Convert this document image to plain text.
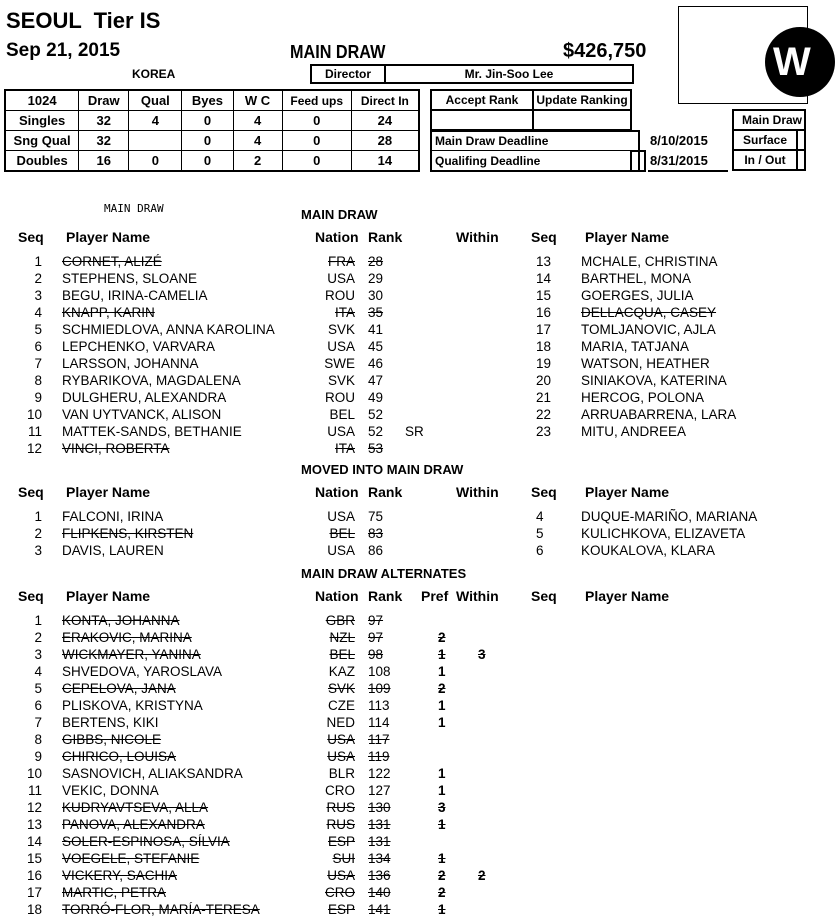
SEOUL  Tier IS
Sep 21, 2015
KOREA
MAIN DRAW	$426,750
Director	Mr. Jin-Soo Lee	W
1024	Draw	Qual	Byes	W C	Feed ups	Direct In
Singles	32	4	0	4	0	24
Sng Qual	32		0	4	0	28
Doubles	16	0	0	2	0	14
Accept Rank Update Ranking
Main Draw Deadline
Qualifing Deadline
8/10/2015
8/31/2015
Main Draw
Surface
In / Out
MAIN DRAW	MAIN DRAW
Seq Player Name	Nation Rank	Within Seq Player Name
1 CORNET, ALIZÉ	FRA 28
2 STEPHENS, SLOANE	USA 29
3 BEGU, IRINA-CAMELIA	ROU 30
4 KNAPP, KARIN	ITA 35
5 SCHMIEDLOVA, ANNA KAROLINA	SVK 41
6 LEPCHENKO, VARVARA	USA 45
7 LARSSON, JOHANNA	SWE 46
8 RYBARIKOVA, MAGDALENA	SVK 47
9 DULGHERU, ALEXANDRA	ROU 49
10 VAN UYTVANCK, ALISON	BEL 52
11 MATTEK-SANDS, BETHANIE	USA 52 SR
12 VINCI, ROBERTA	ITA 53
13 MCHALE, CHRISTINA
14 BARTHEL, MONA
15 GOERGES, JULIA
16 DELLACQUA, CASEY
17 TOMLJANOVIC, AJLA
18 MARIA, TATJANA
19 WATSON, HEATHER
20 SINIAKOVA, KATERINA
21 HERCOG, POLONA
22 ARRUABARRENA, LARA
23 MITU, ANDREEA
MOVED INTO MAIN DRAW
Seq Player Name	Nation Rank	Within Seq Player Name
1 FALCONI, IRINA	USA 75
2 FLIPKENS, KIRSTEN	BEL 83
3 DAVIS, LAUREN	USA 86
4	DUQUE-MARIÑO, MARIANA
5	KULICHKOVA, ELIZAVETA
6	KOUKALOVA, KLARA
MAIN DRAW ALTERNATES
Seq Player Name	Nation Rank Pref Within Seq Player Name
1 KONTA, JOHANNA	GBR 97
2 ERAKOVIC, MARINA	NZL 97	2
3 WICKMAYER, YANINA	BEL 98	1 3
4 SHVEDOVA, YAROSLAVA	KAZ 108	1
5 CEPELOVA, JANA	SVK 109	2
6 PLISKOVA, KRISTYNA	CZE 113	1
7 BERTENS, KIKI	NED 114	1
8 GIBBS, NICOLE	USA 117
9 CHIRICO, LOUISA	USA 119
10 SASNOVICH, ALIAKSANDRA	BLR 122	1
11 VEKIC, DONNA	CRO 127	1
12 KUDRYAVTSEVA, ALLA	RUS 130	3
13 PANOVA, ALEXANDRA	RUS 131	1
14 SOLER-ESPINOSA, SÍLVIA	ESP 131
15 VOEGELE, STEFANIE	SUI 134	1
16 VICKERY, SACHIA	USA 136	2 2
17 MARTIC, PETRA	CRO 140	2
18 TORRÓ-FLOR, MARÍA-TERESA	ESP 141	1
